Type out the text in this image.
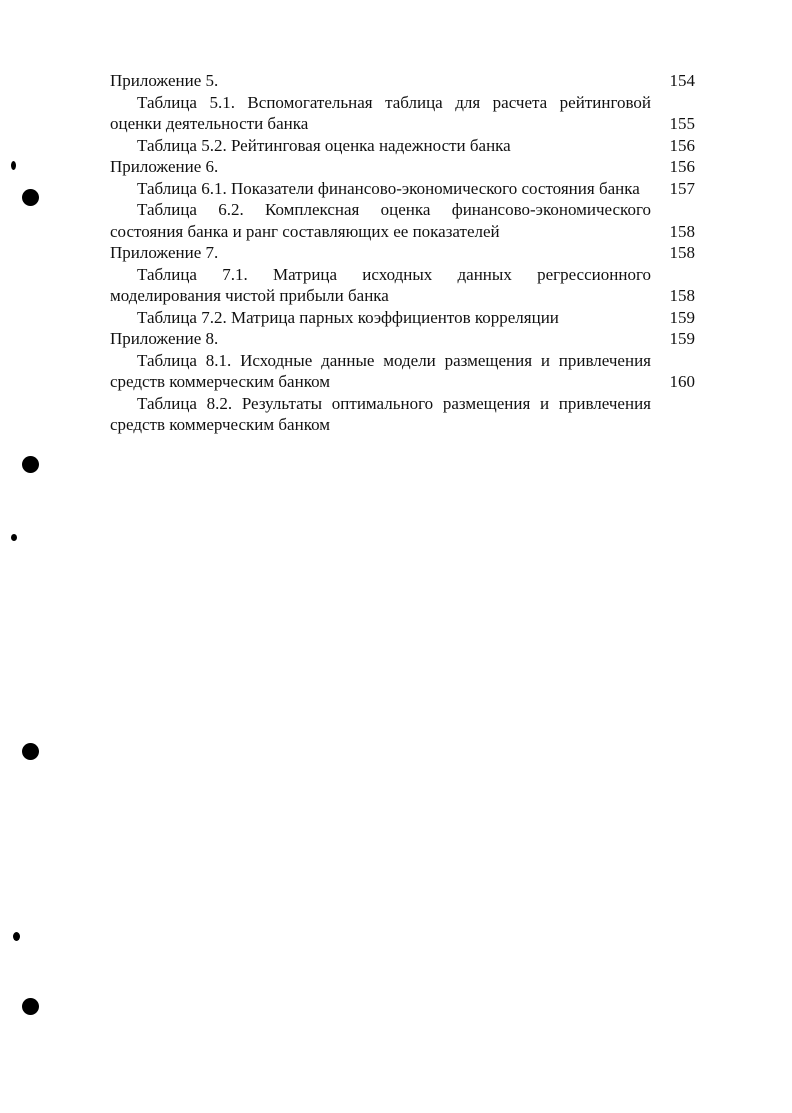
Приложение 5.	154
Таблица 5.1. Вспомогательная таблица для расчета рейтинговой оценки деятельности банка	155
Таблица 5.2. Рейтинговая оценка надежности банка	156
Приложение 6.	156
Таблица 6.1. Показатели финансово-экономического состояния банка	157
Таблица 6.2. Комплексная оценка финансово-экономического состояния банка и ранг составляющих ее показателей	158
Приложение 7.	158
Таблица 7.1. Матрица исходных данных регрессионного моделирования чистой прибыли банка	158
Таблица 7.2. Матрица парных коэффициентов корреляции	159
Приложение 8.	159
Таблица 8.1. Исходные данные модели размещения и привлечения средств коммерческим банком	160
Таблица 8.2. Результаты оптимального размещения и привлечения средств коммерческим банком
